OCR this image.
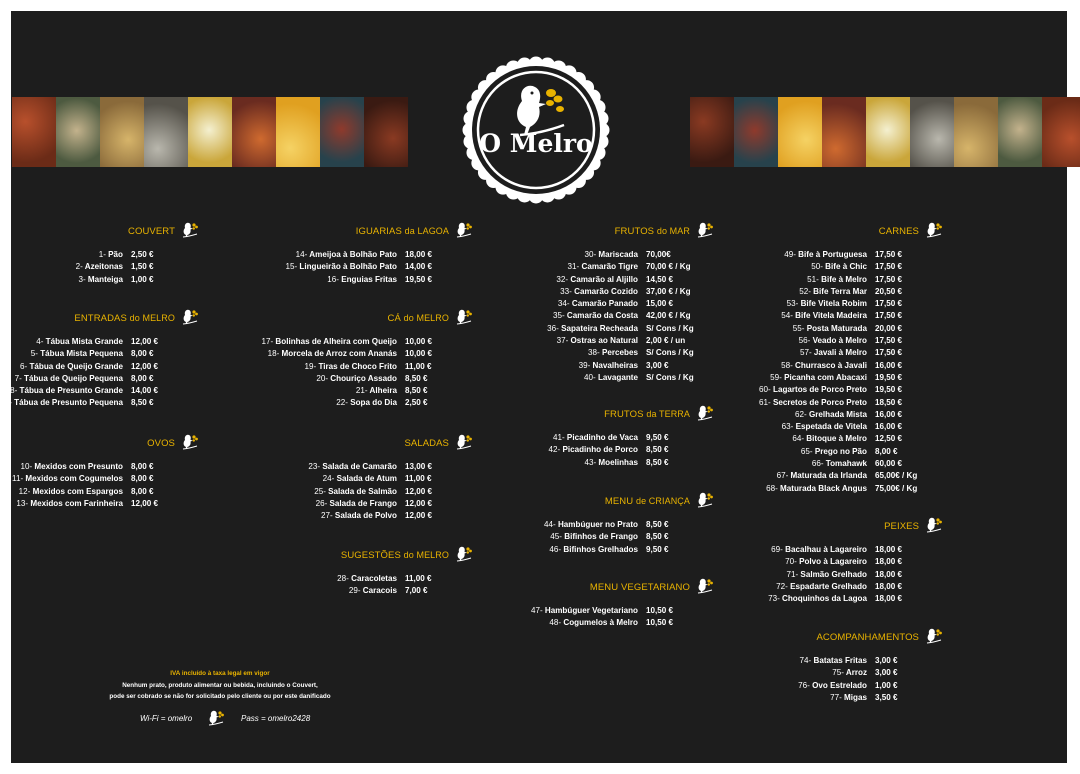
O Melro
COUVERT
1- Pão 2,50 €
2- Azeitonas 1,50 €
3- Manteiga 1,00 €
ENTRADAS do MELRO
4- Tábua Mista Grande 12,00 €
5- Tábua Mista Pequena 8,00 €
6- Tábua de Queijo Grande 12,00 €
7- Tábua de Queijo Pequena 8,00 €
8- Tábua de Presunto Grande 14,00 €
9- Tábua de Presunto Pequena 8,50 €
OVOS
10- Mexidos com Presunto 8,00 €
11- Mexidos com Cogumelos 8,00 €
12- Mexidos com Espargos 8,00 €
13- Mexidos com Farinheira 12,00 €
IGUARIAS da LAGOA
14- Ameijoa à Bolhão Pato 18,00 €
15- Lingueirão à Bolhão Pato 14,00 €
16- Enguias Fritas 19,50 €
CÁ do MELRO
17- Bolinhas de Alheira com Queijo 10,00 €
18- Morcela de Arroz com Ananás 10,00 €
19- Tiras de Choco Frito 11,00 €
20- Chouriço Assado 8,50 €
21- Alheira 8,50 €
22- Sopa do Dia 2,50 €
SALADAS
23- Salada de Camarão 13,00 €
24- Salada de Atum 11,00 €
25- Salada de Salmão 12,00 €
26- Salada de Frango 12,00 €
27- Salada de Polvo 12,00 €
SUGESTÕES do MELRO
28- Caracoletas 11,00 €
29- Caracois 7,00 €
FRUTOS do MAR
30- Mariscada 70,00€
31- Camarão Tigre 70,00 € / Kg
32- Camarão al Aljillo 14,50 €
33- Camarão Cozido 37,00 € / Kg
34- Camarão Panado 15,00 €
35- Camarão da Costa 42,00 € / Kg
36- Sapateira Recheada S/ Cons / Kg
37- Ostras ao Natural 2,00 € / un
38- Percebes S/ Cons / Kg
39- Navalheiras 3,00 €
40- Lavagante S/ Cons / Kg
FRUTOS da TERRA
41- Picadinho de Vaca 9,50 €
42- Picadinho de Porco 8,50 €
43- Moelinhas 8,50 €
MENU de CRIANÇA
44- Hambúguer no Prato 8,50 €
45- Bifinhos de Frango 8,50 €
46- Bifinhos Grelhados 9,50 €
MENU VEGETARIANO
47- Hambúguer Vegetariano 10,50 €
48- Cogumelos à Melro 10,50 €
CARNES
49- Bife à Portuguesa 17,50 €
50- Bife à Chic 17,50 €
51- Bife à Melro 17,50 €
52- Bife Terra Mar 20,50 €
53- Bife Vitela Robim 17,50 €
54- Bife Vitela Madeira 17,50 €
55- Posta Maturada 20,00 €
56- Veado à Melro 17,50 €
57- Javali à Melro 17,50 €
58- Churrasco à Javali 16,00 €
59- Picanha com Abacaxi 19,50 €
60- Lagartos de Porco Preto 19,50 €
61- Secretos de Porco Preto 18,50 €
62- Grelhada Mista 16,00 €
63- Espetada de Vitela 16,00 €
64- Bitoque à Melro 12,50 €
65- Prego no Pão 8,00 €
66- Tomahawk 60,00 €
67- Maturada da Irlanda 65,00€ / Kg
68- Maturada Black Angus 75,00€ / Kg
PEIXES
69- Bacalhau à Lagareiro 18,00 €
70- Polvo à Lagareiro 18,00 €
71- Salmão Grelhado 18,00 €
72- Espadarte Grelhado 18,00 €
73- Choquinhos da Lagoa 18,00 €
ACOMPANHAMENTOS
74- Batatas Fritas 3,00 €
75- Arroz 3,00 €
76- Ovo Estrelado 1,00 €
77- Migas 3,50 €
IVA incluído à taxa legal em vigor
Nenhum prato, produto alimentar ou bebida, incluindo o Couvert,
pode ser cobrado se não for solicitado pelo cliente ou por este danificado
Wi-Fi = omelro	Pass = omelro2428
